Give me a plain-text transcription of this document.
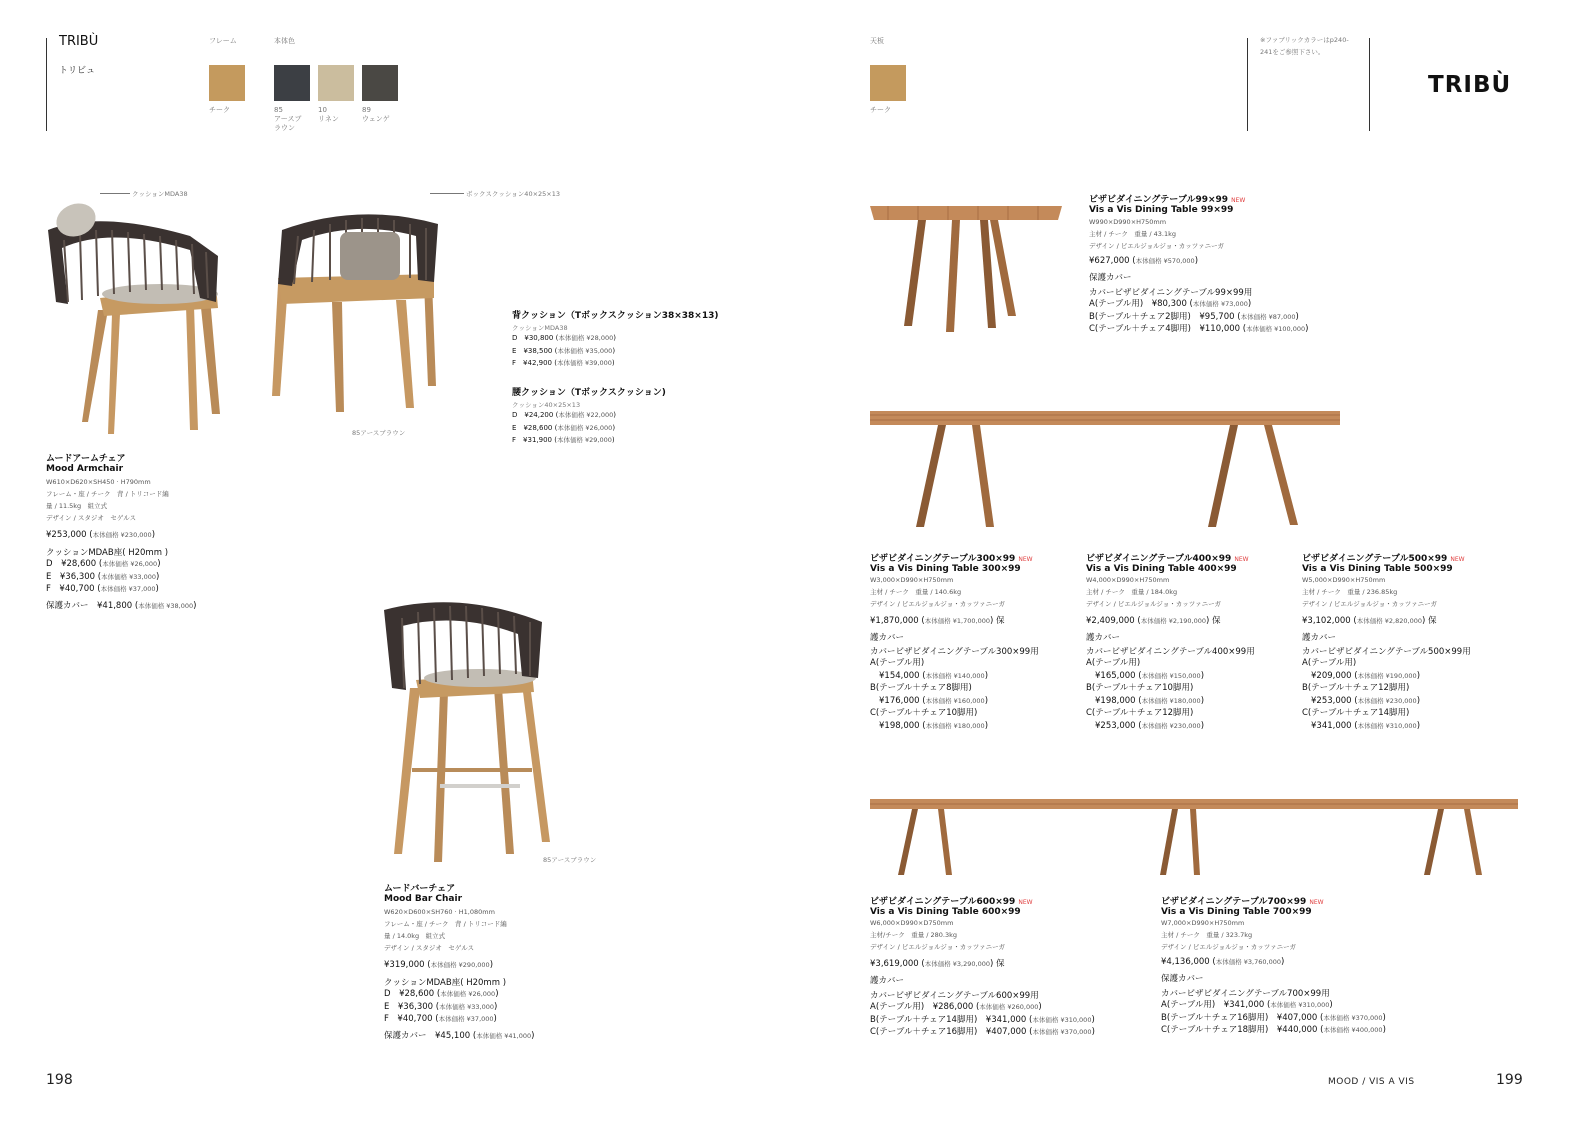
TRIBÙ
トリビュ
フレーム
チーク
本体色
85
アースブ
ラウン
10
リネン
89
ウェンゲ
天板
チーク
※ファブリックカラーはp240-
241をご参照下さい。
TRIBÙ
クッションMDA38	ボックスクッション40×25×13
85アースブラウン
85アースブラウン
ムードアームチェア
Mood Armchair
W610×D620×SH450 · H790mm
フレーム・座 / チーク　背 / トリコード編
量 / 11.5kg　組立式
デザイン / スタジオ　セゲルス
¥253,000 (本体価格 ¥230,000)
クッションMDAB座( H20mm )
D　 ¥28,600 (本体価格 ¥26,000)
E　 ¥36,300 (本体価格 ¥33,000)
F　 ¥40,700 (本体価格 ¥37,000)
保護カバー　¥41,800 (本体価格 ¥38,000)
背クッション（Tボックスクッション38×38×13)
クッションMDA38
D　 ¥30,800 (本体価格 ¥28,000)
E　 ¥38,500 (本体価格 ¥35,000)
F　 ¥42,900 (本体価格 ¥39,000)
腰クッション（Tボックスクッション)
クッション40×25×13
D　 ¥24,200 (本体価格 ¥22,000)
E　 ¥28,600 (本体価格 ¥26,000)
F　 ¥31,900 (本体価格 ¥29,000)
ムードバーチェア
Mood Bar Chair
W620×D600×SH760 · H1,080mm
フレーム・座 / チーク　背 / トリコード編
量 / 14.0kg　組立式
デザイン / スタジオ　セゲルス
¥319,000 (本体価格 ¥290,000)
クッションMDAB座( H20mm )
D　 ¥28,600 (本体価格 ¥26,000)
E　 ¥36,300 (本体価格 ¥33,000)
F　 ¥40,700 (本体価格 ¥37,000)
保護カバー　¥45,100 (本体価格 ¥41,000)
ビザビダイニングテーブル99×99 NEW
Vis a Vis Dining Table 99×99
W990×D990×H750mm
主材 / チーク　重量 / 43.1kg
デザイン / ピエルジョルジョ・カッツァニーガ
¥627,000 (本体価格 ¥570,000)
保護カバー
カバービザビダイニングテーブル99×99用
A(テーブル用)　 ¥80,300 (本体価格 ¥73,000)
B(テーブル＋チェア2脚用)　 ¥95,700 (本体価格 ¥87,000)
C(テーブル＋チェア4脚用)　 ¥110,000 (本体価格 ¥100,000)
ビザビダイニングテーブル300×99 NEW
Vis a Vis Dining Table 300×99
W3,000×D990×H750mm
主材 / チーク　重量 / 140.6kg
デザイン / ピエルジョルジョ・カッツァニーガ
¥1,870,000 (本体価格 ¥1,700,000) 保
護カバー
カバービザビダイニングテーブル300×99用
A(テーブル用)
¥154,000 (本体価格 ¥140,000)
B(テーブル＋チェア8脚用)
¥176,000 (本体価格 ¥160,000)
C(テーブル＋チェア10脚用)
¥198,000 (本体価格 ¥180,000)
ビザビダイニングテーブル400×99 NEW
Vis a Vis Dining Table 400×99
W4,000×D990×H750mm
主材 / チーク　重量 / 184.0kg
デザイン / ピエルジョルジョ・カッツァニーガ
¥2,409,000 (本体価格 ¥2,190,000) 保
護カバー
カバービザビダイニングテーブル400×99用
A(テーブル用)
¥165,000 (本体価格 ¥150,000)
B(テーブル＋チェア10脚用)
¥198,000 (本体価格 ¥180,000)
C(テーブル＋チェア12脚用)
¥253,000 (本体価格 ¥230,000)
ビザビダイニングテーブル500×99 NEW
Vis a Vis Dining Table 500×99
W5,000×D990×H750mm
主材 / チーク　重量 / 236.85kg
デザイン / ピエルジョルジョ・カッツァニーガ
¥3,102,000 (本体価格 ¥2,820,000) 保
護カバー
カバービザビダイニングテーブル500×99用
A(テーブル用)
¥209,000 (本体価格 ¥190,000)
B(テーブル＋チェア12脚用)
¥253,000 (本体価格 ¥230,000)
C(テーブル＋チェア14脚用)
¥341,000 (本体価格 ¥310,000)
ビザビダイニングテーブル600×99 NEW
Vis a Vis Dining Table 600×99
W6,000×D990×D750mm
主材/チーク　重量 / 280.3kg
デザイン / ピエルジョルジョ・カッツァニーガ
¥3,619,000 (本体価格 ¥3,290,000) 保
護カバー
カバービザビダイニングテーブル600×99用
A(テーブル用)　 ¥286,000 (本体価格 ¥260,000)
B(テーブル＋チェア14脚用)　 ¥341,000 (本体価格 ¥310,000)
C(テーブル＋チェア16脚用)　 ¥407,000 (本体価格 ¥370,000)
ビザビダイニングテーブル700×99 NEW
Vis a Vis Dining Table 700×99
W7,000×D990×H750mm
主材 / チーク　重量 / 323.7kg
デザイン / ピエルジョルジョ・カッツァニーガ
¥4,136,000 (本体価格 ¥3,760,000)
保護カバー
カバービザビダイニングテーブル700×99用
A(テーブル用)　 ¥341,000 (本体価格 ¥310,000)
B(テーブル＋チェア16脚用)　 ¥407,000 (本体価格 ¥370,000)
C(テーブル＋チェア18脚用)　 ¥440,000 (本体価格 ¥400,000)
198	MOOD / VIS A VIS	199
